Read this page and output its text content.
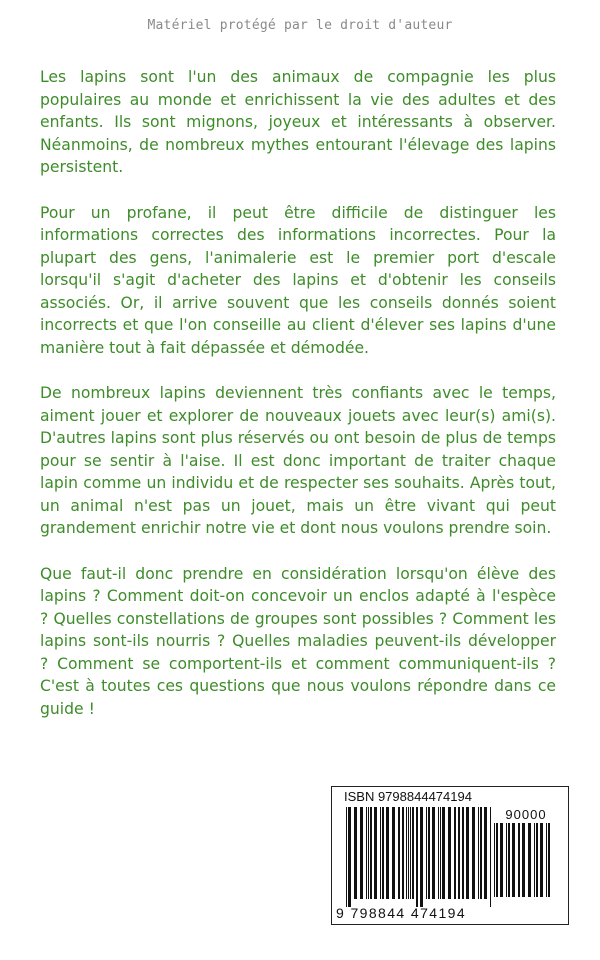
Matériel protégé par le droit d'auteur

Les lapins sont l'un des animaux de compagnie les plus populaires au monde et enrichissent la vie des adultes et des enfants. Ils sont mignons, joyeux et intéressants à observer. Néanmoins, de nombreux mythes entourant l'élevage des lapins persistent.

Pour un profane, il peut être difficile de distinguer les informations correctes des informations incorrectes. Pour la plupart des gens, l'animalerie est le premier port d'escale lorsqu'il s'agit d'acheter des lapins et d'obtenir les conseils associés. Or, il arrive souvent que les conseils donnés soient incorrects et que l'on conseille au client d'élever ses lapins d'une manière tout à fait dépassée et démodée.

De nombreux lapins deviennent très confiants avec le temps, aiment jouer et explorer de nouveaux jouets avec leur(s) ami(s). D'autres lapins sont plus réservés ou ont besoin de plus de temps pour se sentir à l'aise. Il est donc important de traiter chaque lapin comme un individu et de respecter ses souhaits. Après tout, un animal n'est pas un jouet, mais un être vivant qui peut grandement enrichir notre vie et dont nous voulons prendre soin.

Que faut-il donc prendre en considération lorsqu'on élève des lapins ? Comment doit-on concevoir un enclos adapté à l'espèce ? Quelles constellations de groupes sont possibles ? Comment les lapins sont-ils nourris ? Quelles maladies peuvent-ils développer ? Comment se comportent-ils et comment communiquent-ils ? C'est à toutes ces questions que nous voulons répondre dans ce guide !

ISBN 9798844474194
90000
9 798844 474194
